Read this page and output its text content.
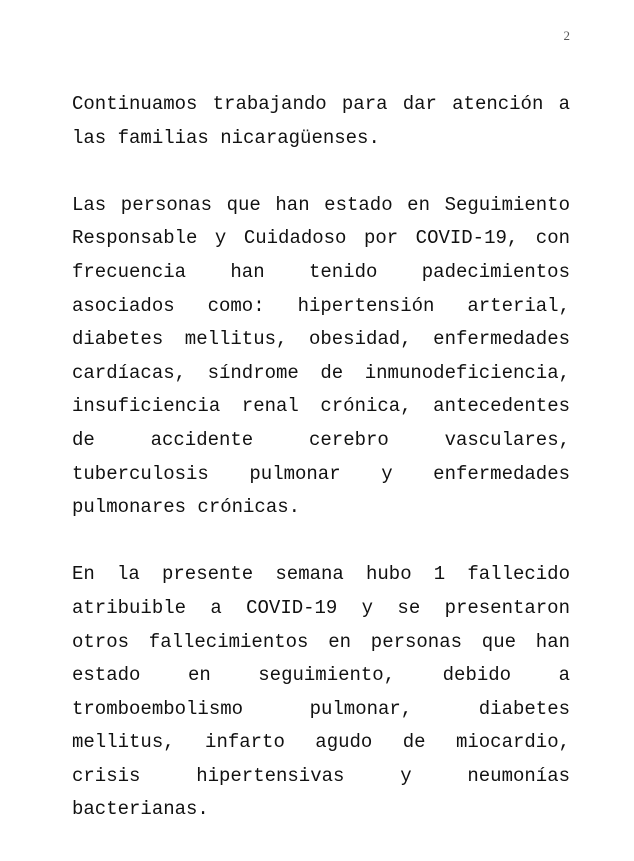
2

Continuamos trabajando para dar atención a las familias nicaragüenses.

Las personas que han estado en Seguimiento Responsable y Cuidadoso por COVID-19, con frecuencia han tenido padecimientos asociados como: hipertensión arterial, diabetes mellitus, obesidad, enfermedades cardíacas, síndrome de inmunodeficiencia, insuficiencia renal crónica, antecedentes de accidente cerebro vasculares, tuberculosis pulmonar y enfermedades pulmonares crónicas.

En la presente semana hubo 1 fallecido atribuible a COVID-19 y se presentaron otros fallecimientos en personas que han estado en seguimiento, debido a tromboembolismo pulmonar, diabetes mellitus, infarto agudo de miocardio, crisis hipertensivas y neumonías bacterianas.
